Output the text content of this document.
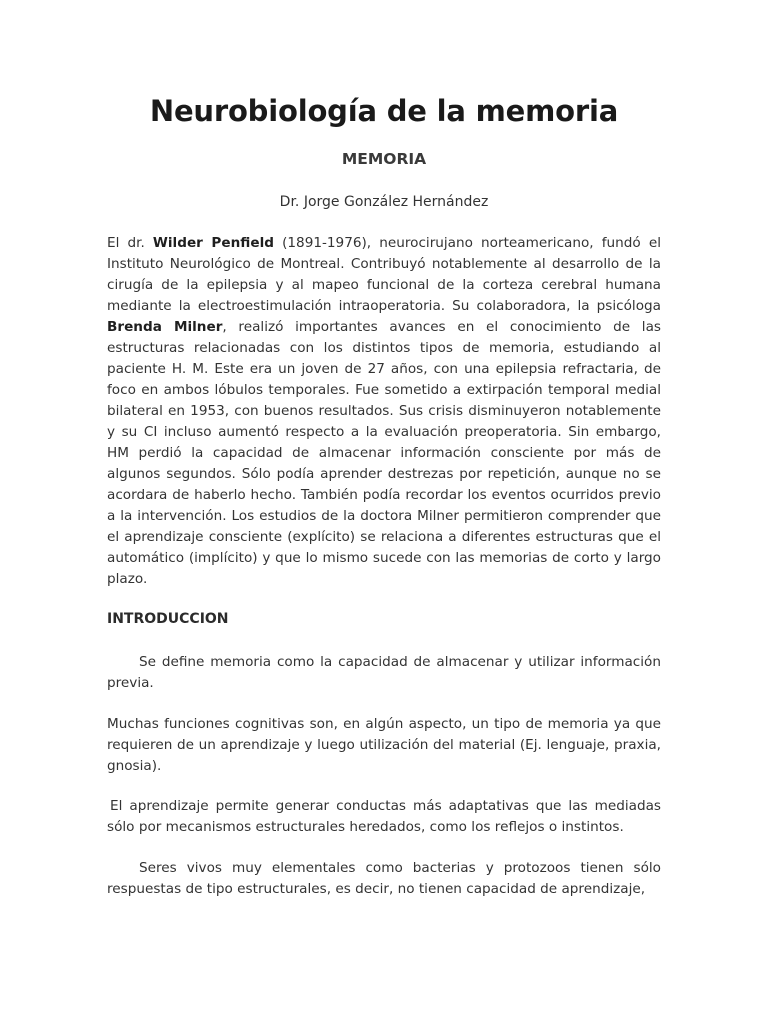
Neurobiología de la memoria
MEMORIA

Dr. Jorge González Hernández

El dr. Wilder Penfield (1891-1976), neurocirujano norteamericano, fundó el Instituto Neurológico de Montreal. Contribuyó notablemente al desarrollo de la cirugía de la epilepsia y al mapeo funcional de la corteza cerebral humana mediante la electroestimulación intraoperatoria. Su colaboradora, la psicóloga Brenda Milner, realizó importantes avances en el conocimiento de las estructuras relacionadas con los distintos tipos de memoria, estudiando al paciente H. M. Este era un joven de 27 años, con una epilepsia refractaria, de foco en ambos lóbulos temporales. Fue sometido a extirpación temporal medial bilateral en 1953, con buenos resultados. Sus crisis disminuyeron notablemente y su CI incluso aumentó respecto a la evaluación preoperatoria. Sin embargo, HM perdió la capacidad de almacenar información consciente por más de algunos segundos. Sólo podía aprender destrezas por repetición, aunque no se acordara de haberlo hecho. También podía recordar los eventos ocurridos previo a la intervención. Los estudios de la doctora Milner permitieron comprender que el aprendizaje consciente (explícito) se relaciona a diferentes estructuras que el automático (implícito) y que lo mismo sucede con las memorias de corto y largo plazo.

INTRODUCCION

Se define memoria como la capacidad de almacenar y utilizar información previa.

Muchas funciones cognitivas son, en algún aspecto, un tipo de memoria ya que requieren de un aprendizaje y luego utilización del material (Ej. lenguaje, praxia, gnosia).

El aprendizaje permite generar conductas más adaptativas que las mediadas sólo por mecanismos estructurales heredados, como los reflejos o instintos.

Seres vivos muy elementales como bacterias y protozoos tienen sólo respuestas de tipo estructurales, es decir, no tienen capacidad de aprendizaje,
